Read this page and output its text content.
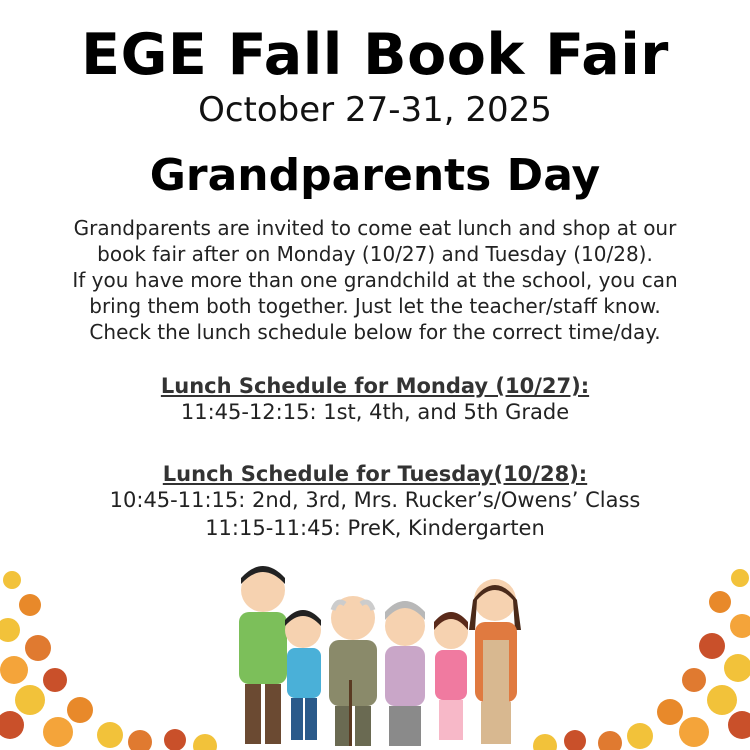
EGE Fall Book Fair
October 27-31, 2025
Grandparents Day
Grandparents are invited to come eat lunch and shop at our
book fair after on Monday (10/27) and Tuesday (10/28).
If you have more than one grandchild at the school, you can
bring them both together. Just let the teacher/staff know.
Check the lunch schedule below for the correct time/day.
Lunch Schedule for Monday (10/27):
11:45-12:15: 1st, 4th, and 5th Grade
Lunch Schedule for Tuesday(10/28):
10:45-11:15: 2nd, 3rd, Mrs. Rucker’s/Owens’ Class
11:15-11:45: PreK, Kindergarten
